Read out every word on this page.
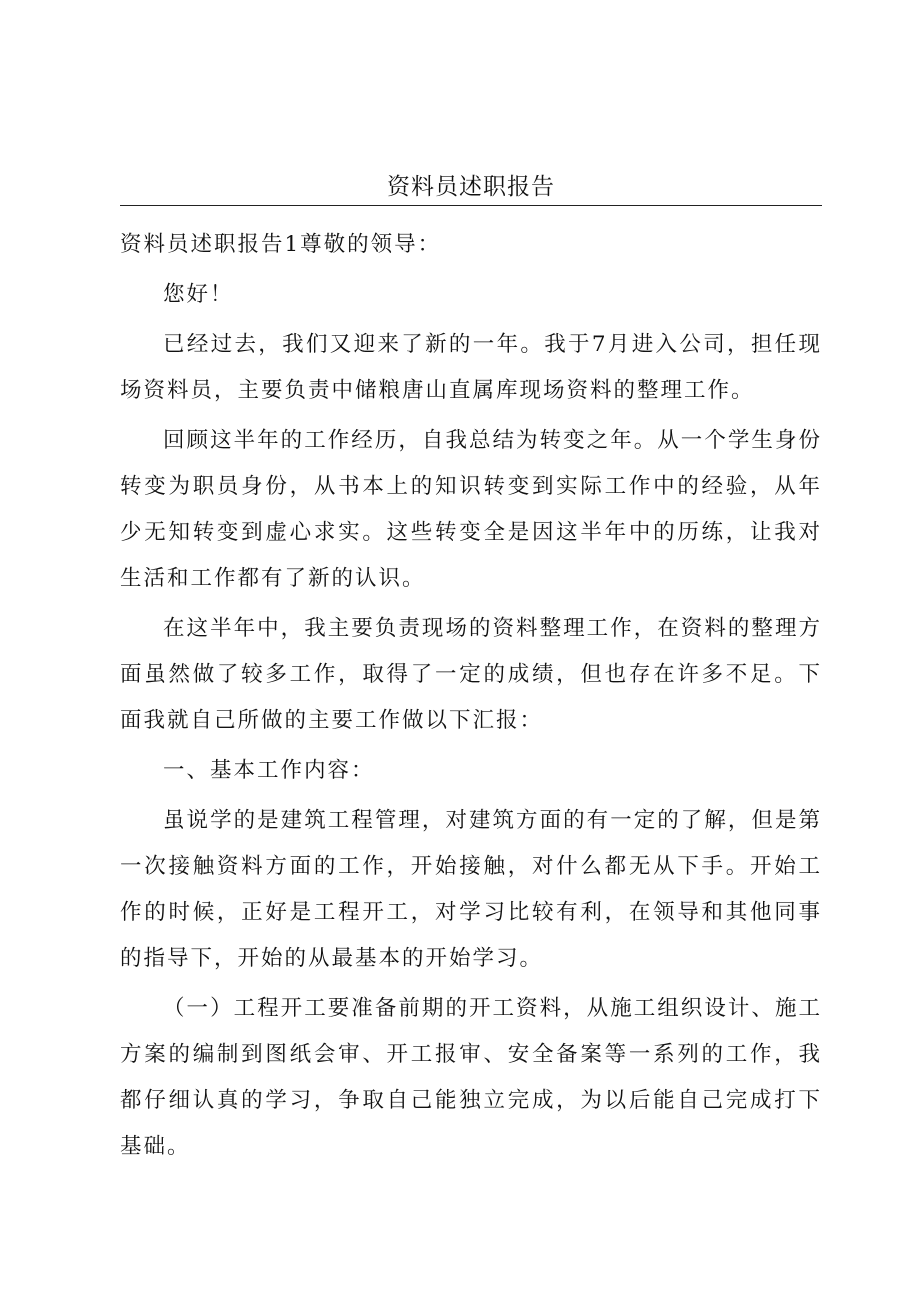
资料员述职报告

资料员述职报告1尊敬的领导：

您好！

已经过去，我们又迎来了新的一年。我于7月进入公司，担任现场资料员，主要负责中储粮唐山直属库现场资料的整理工作。

回顾这半年的工作经历，自我总结为转变之年。从一个学生身份转变为职员身份，从书本上的知识转变到实际工作中的经验，从年少无知转变到虚心求实。这些转变全是因这半年中的历练，让我对生活和工作都有了新的认识。

在这半年中，我主要负责现场的资料整理工作，在资料的整理方面虽然做了较多工作，取得了一定的成绩，但也存在许多不足。下面我就自己所做的主要工作做以下汇报：

一、基本工作内容：

虽说学的是建筑工程管理，对建筑方面的有一定的了解，但是第一次接触资料方面的工作，开始接触，对什么都无从下手。开始工作的时候，正好是工程开工，对学习比较有利，在领导和其他同事的指导下，开始的从最基本的开始学习。

（一）工程开工要准备前期的开工资料，从施工组织设计、施工方案的编制到图纸会审、开工报审、安全备案等一系列的工作，我都仔细认真的学习，争取自己能独立完成，为以后能自己完成打下基础。
